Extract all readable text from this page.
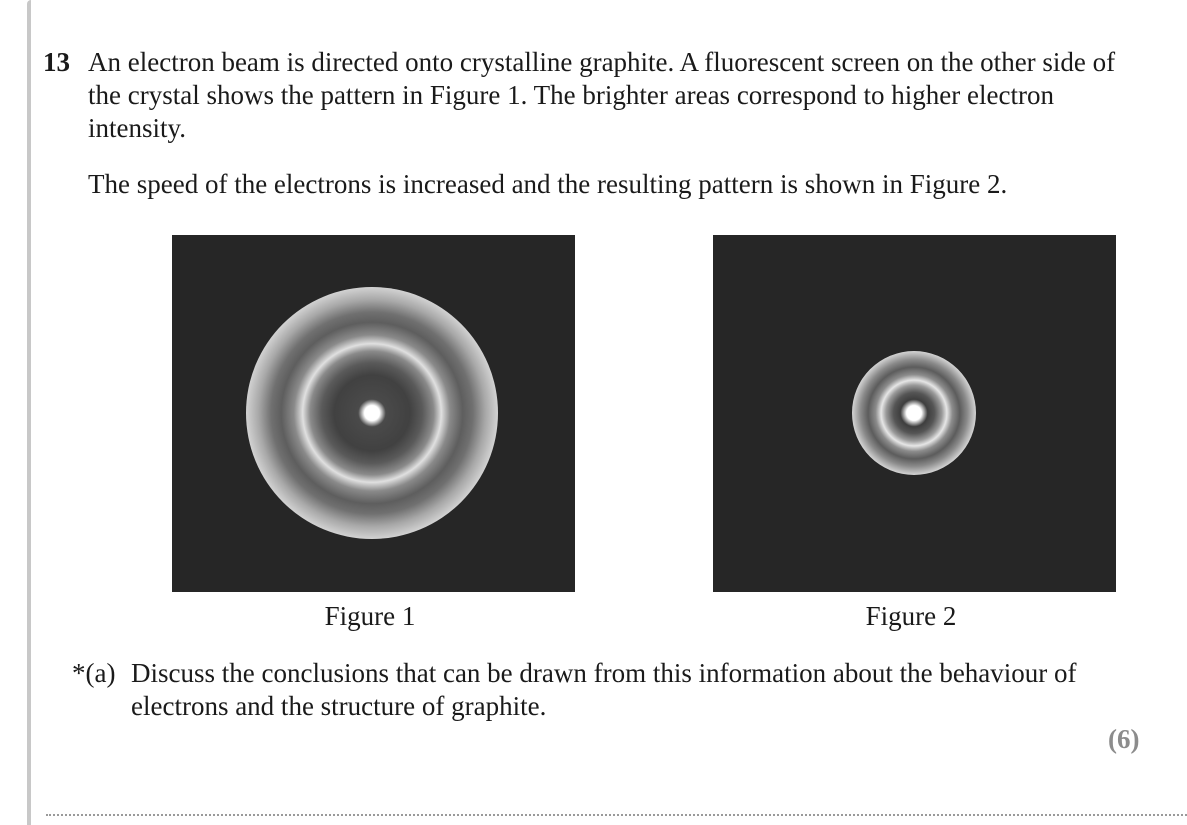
13 An electron beam is directed onto crystalline graphite. A fluorescent screen on the other side of the crystal shows the pattern in Figure 1. The brighter areas correspond to higher electron intensity.

The speed of the electrons is increased and the resulting pattern is shown in Figure 2.

Figure 1	Figure 2
*(a) Discuss the conclusions that can be drawn from this information about the behaviour of electrons and the structure of graphite.

(6)
